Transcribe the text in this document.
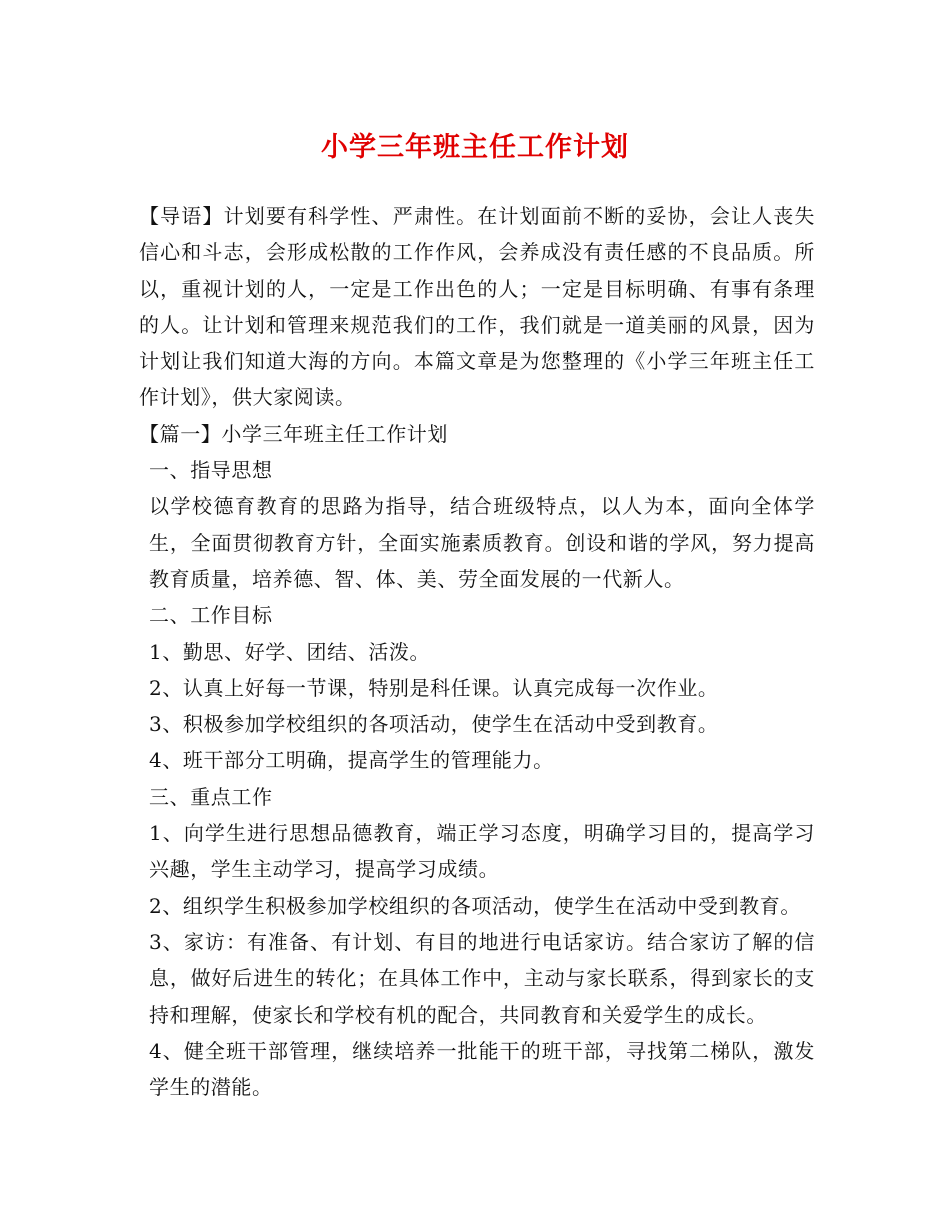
小学三年班主任工作计划

【导语】计划要有科学性、严肃性。在计划面前不断的妥协，会让人丧失信心和斗志，会形成松散的工作作风，会养成没有责任感的不良品质。所以，重视计划的人，一定是工作出色的人；一定是目标明确、有事有条理的人。让计划和管理来规范我们的工作，我们就是一道美丽的风景，因为计划让我们知道大海的方向。本篇文章是为您整理的《小学三年班主任工作计划》，供大家阅读。

【篇一】小学三年班主任工作计划

一、指导思想

以学校德育教育的思路为指导，结合班级特点，以人为本，面向全体学生，全面贯彻教育方针，全面实施素质教育。创设和谐的学风，努力提高教育质量，培养德、智、体、美、劳全面发展的一代新人。

二、工作目标

1、勤思、好学、团结、活泼。

2、认真上好每一节课，特别是科任课。认真完成每一次作业。

3、积极参加学校组织的各项活动，使学生在活动中受到教育。

4、班干部分工明确，提高学生的管理能力。

三、重点工作

1、向学生进行思想品德教育，端正学习态度，明确学习目的，提高学习兴趣，学生主动学习，提高学习成绩。

2、组织学生积极参加学校组织的各项活动，使学生在活动中受到教育。

3、家访：有准备、有计划、有目的地进行电话家访。结合家访了解的信息，做好后进生的转化；在具体工作中，主动与家长联系，得到家长的支持和理解，使家长和学校有机的配合，共同教育和关爱学生的成长。

4、健全班干部管理，继续培养一批能干的班干部，寻找第二梯队，激发学生的潜能。
